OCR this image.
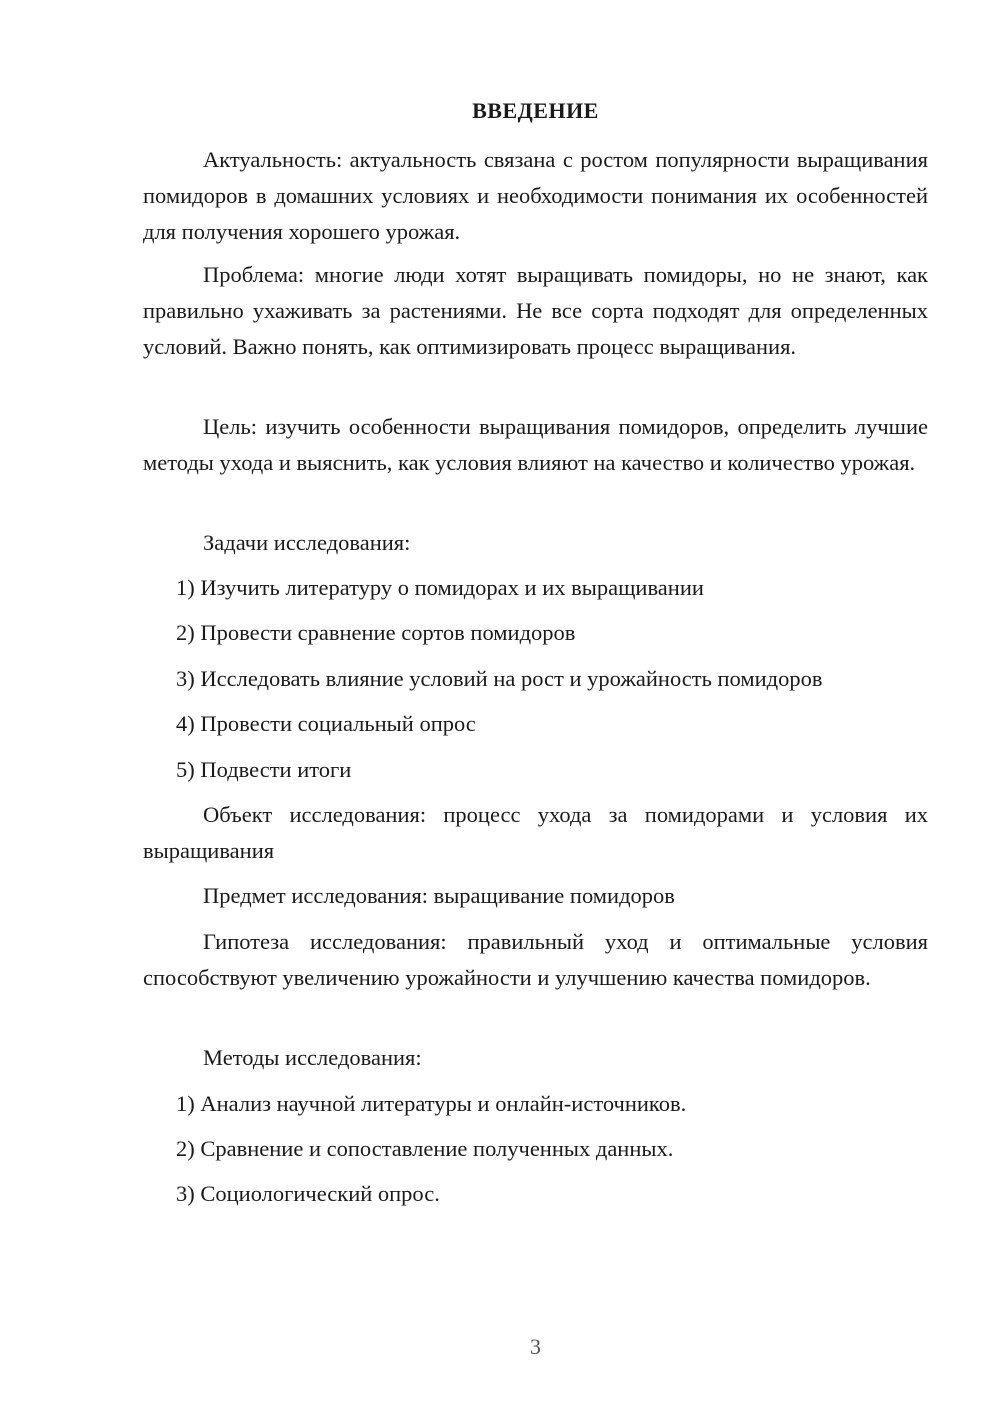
ВВЕДЕНИЕ

Актуальность: актуальность связана с ростом популярности выращивания помидоров в домашних условиях и необходимости понимания их особенностей для получения хорошего урожая.

Проблема: многие люди хотят выращивать помидоры, но не знают, как правильно ухаживать за растениями. Не все сорта подходят для определенных условий. Важно понять, как оптимизировать процесс выращивания.

Цель: изучить особенности выращивания помидоров, определить лучшие методы ухода и выяснить, как условия влияют на качество и количество урожая.

Задачи исследования:

1) Изучить литературу о помидорах и их выращивании

2) Провести сравнение сортов помидоров

3) Исследовать влияние условий на рост и урожайность помидоров

4) Провести социальный опрос

5) Подвести итоги

Объект исследования: процесс ухода за помидорами и условия их выращивания

Предмет исследования: выращивание помидоров

Гипотеза исследования: правильный уход и оптимальные условия способствуют увеличению урожайности и улучшению качества помидоров.

Методы исследования:

1) Анализ научной литературы и онлайн-источников.

2) Сравнение и сопоставление полученных данных.

3) Социологический опрос.

3
